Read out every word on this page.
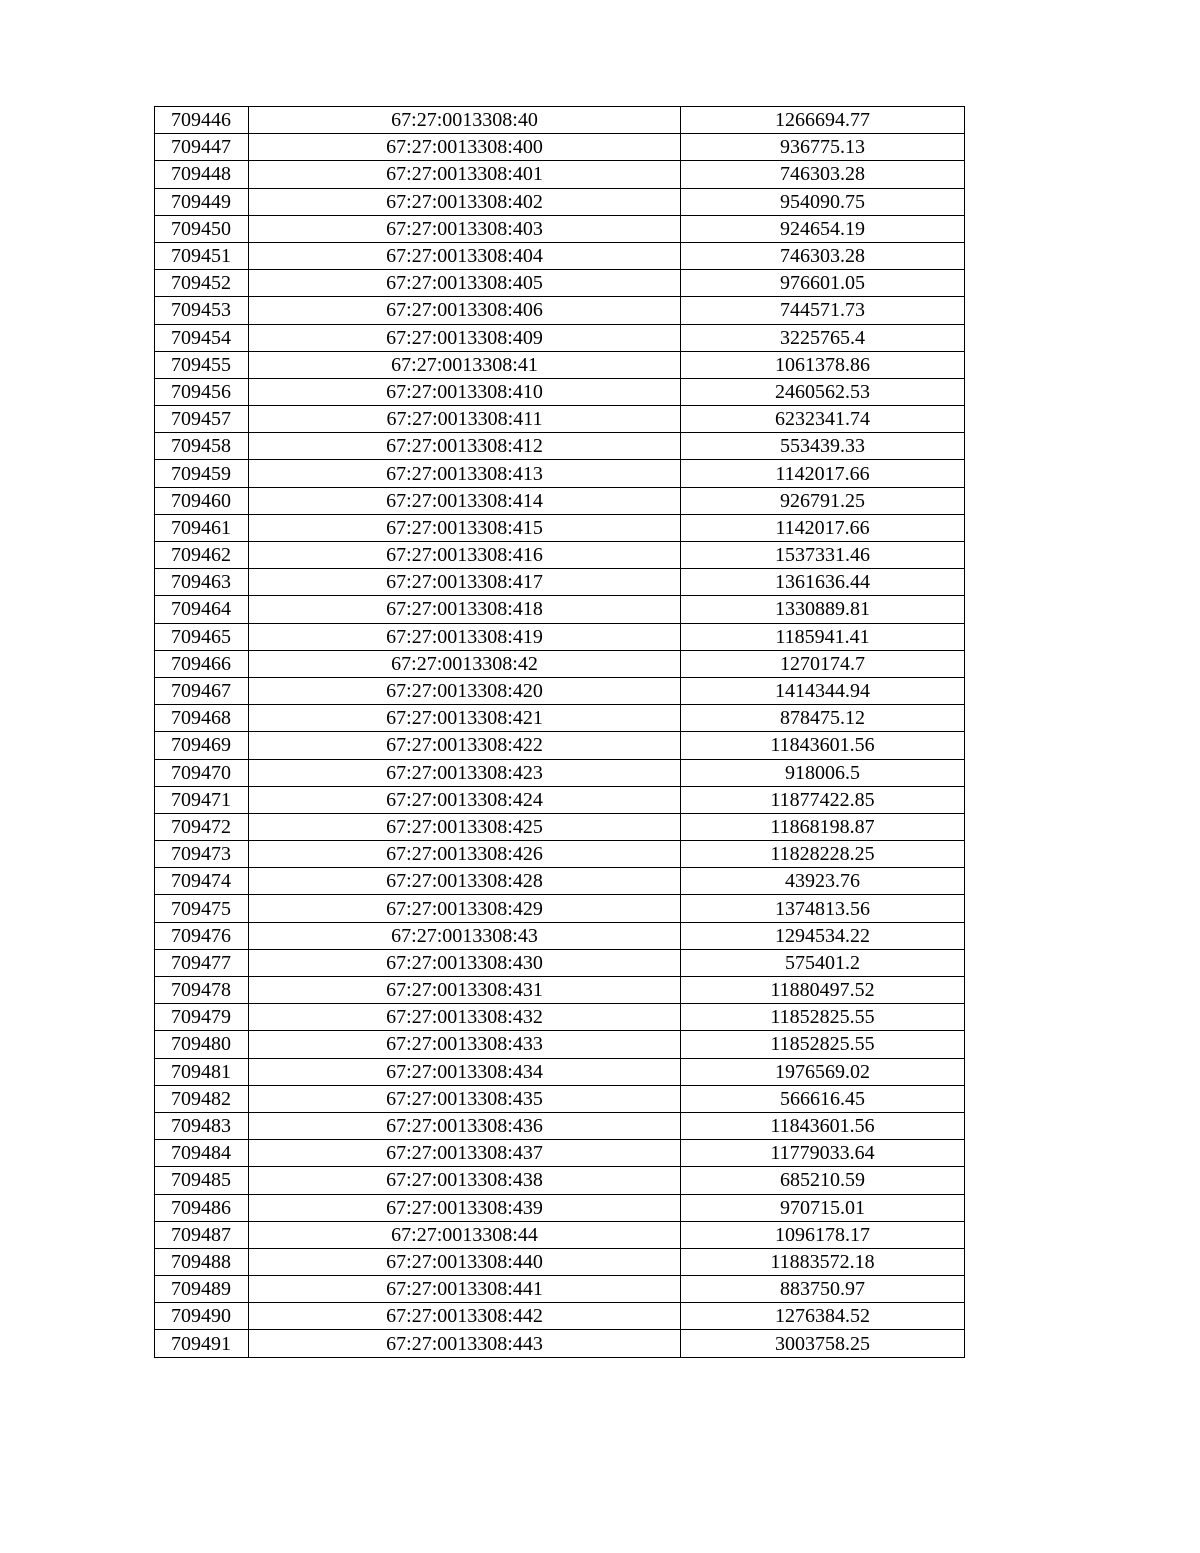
709446	67:27:0013308:40	1266694.77
709447	67:27:0013308:400	936775.13
709448	67:27:0013308:401	746303.28
709449	67:27:0013308:402	954090.75
709450	67:27:0013308:403	924654.19
709451	67:27:0013308:404	746303.28
709452	67:27:0013308:405	976601.05
709453	67:27:0013308:406	744571.73
709454	67:27:0013308:409	3225765.4
709455	67:27:0013308:41	1061378.86
709456	67:27:0013308:410	2460562.53
709457	67:27:0013308:411	6232341.74
709458	67:27:0013308:412	553439.33
709459	67:27:0013308:413	1142017.66
709460	67:27:0013308:414	926791.25
709461	67:27:0013308:415	1142017.66
709462	67:27:0013308:416	1537331.46
709463	67:27:0013308:417	1361636.44
709464	67:27:0013308:418	1330889.81
709465	67:27:0013308:419	1185941.41
709466	67:27:0013308:42	1270174.7
709467	67:27:0013308:420	1414344.94
709468	67:27:0013308:421	878475.12
709469	67:27:0013308:422	11843601.56
709470	67:27:0013308:423	918006.5
709471	67:27:0013308:424	11877422.85
709472	67:27:0013308:425	11868198.87
709473	67:27:0013308:426	11828228.25
709474	67:27:0013308:428	43923.76
709475	67:27:0013308:429	1374813.56
709476	67:27:0013308:43	1294534.22
709477	67:27:0013308:430	575401.2
709478	67:27:0013308:431	11880497.52
709479	67:27:0013308:432	11852825.55
709480	67:27:0013308:433	11852825.55
709481	67:27:0013308:434	1976569.02
709482	67:27:0013308:435	566616.45
709483	67:27:0013308:436	11843601.56
709484	67:27:0013308:437	11779033.64
709485	67:27:0013308:438	685210.59
709486	67:27:0013308:439	970715.01
709487	67:27:0013308:44	1096178.17
709488	67:27:0013308:440	11883572.18
709489	67:27:0013308:441	883750.97
709490	67:27:0013308:442	1276384.52
709491	67:27:0013308:443	3003758.25
